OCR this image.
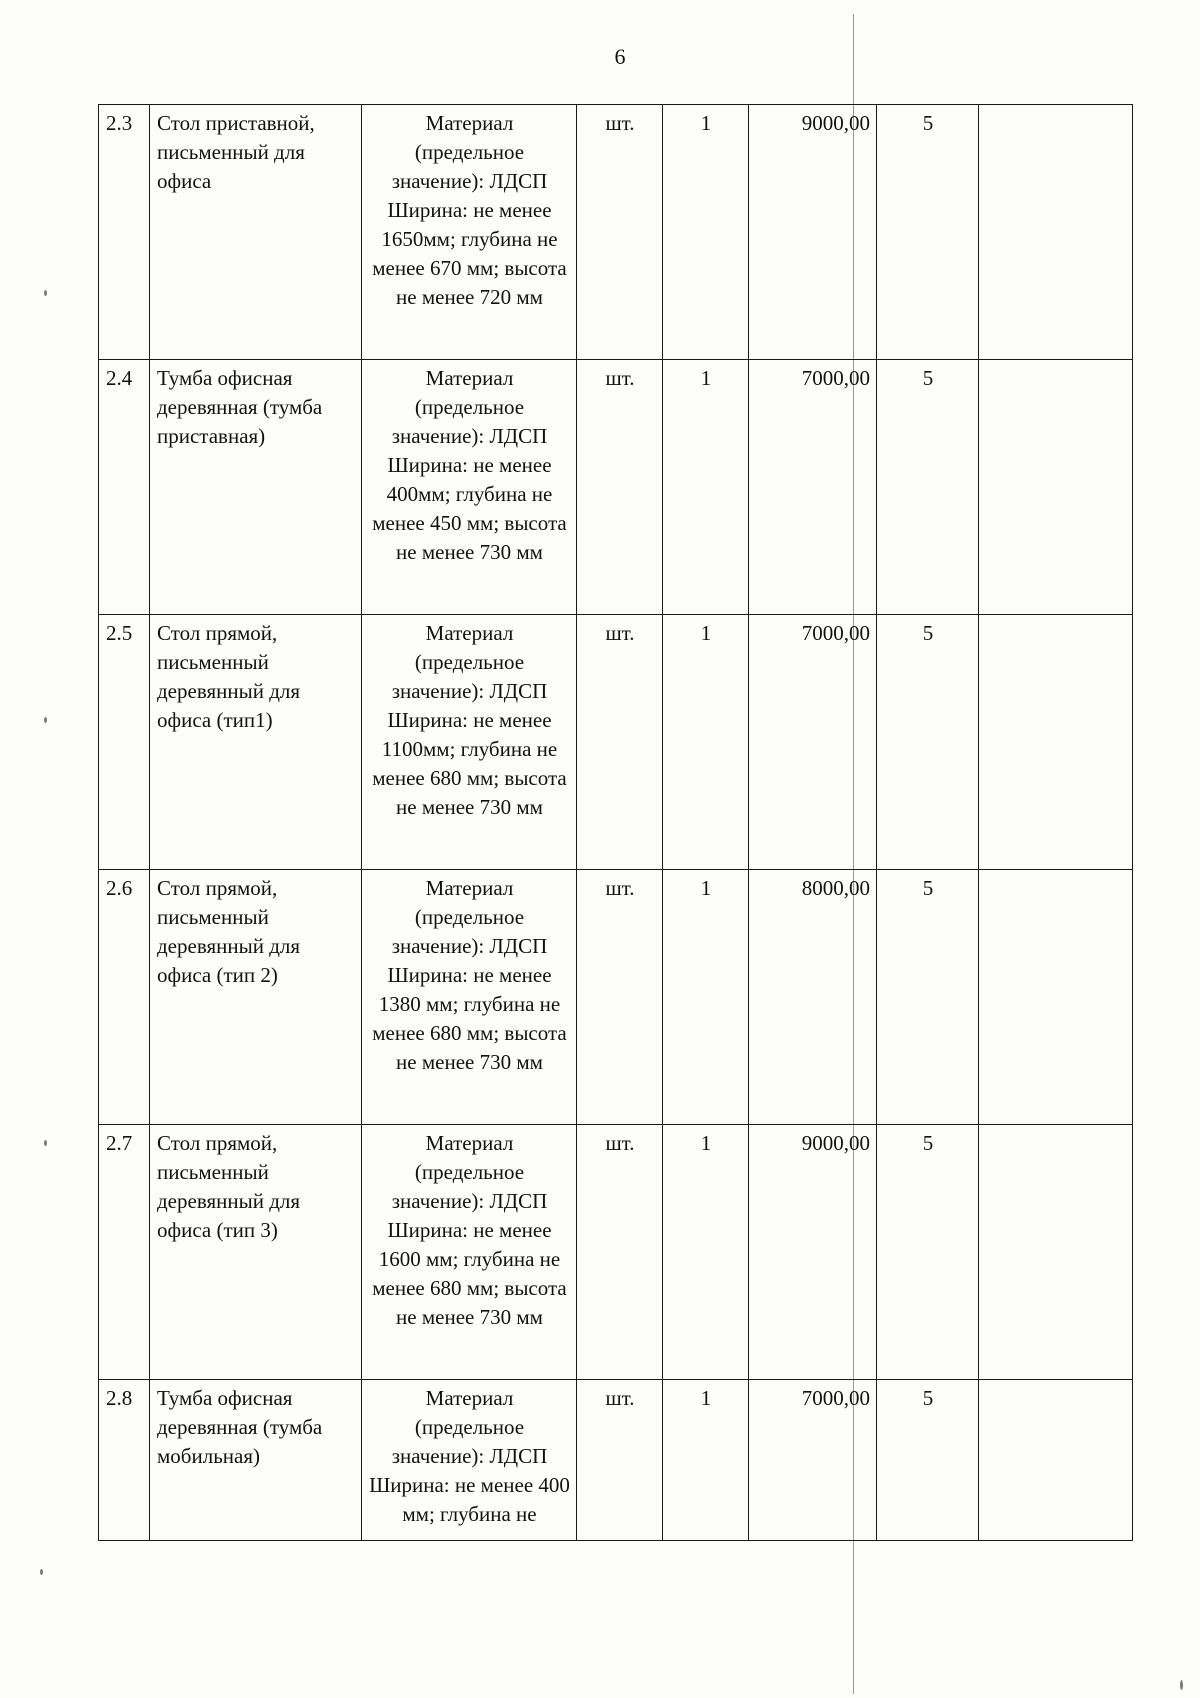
6
2.3	Стол приставной, письменный для офиса	Материал (предельное значение): ЛДСП Ширина: не менее 1650мм; глубина не менее 670 мм; высота не менее 720 мм	шт.	1	9000,00	5	
2.4	Тумба офисная деревянная (тумба приставная)	Материал (предельное значение): ЛДСП Ширина: не менее 400мм; глубина не менее 450 мм; высота не менее 730 мм	шт.	1	7000,00	5	
2.5	Стол прямой, письменный деревянный для офиса (тип1)	Материал (предельное значение): ЛДСП Ширина: не менее 1100мм; глубина не менее 680 мм; высота не менее 730 мм	шт.	1	7000,00	5	
2.6	Стол прямой, письменный деревянный для офиса (тип 2)	Материал (предельное значение): ЛДСП Ширина: не менее 1380 мм; глубина не менее 680 мм; высота не менее 730 мм	шт.	1	8000,00	5	
2.7	Стол прямой, письменный деревянный для офиса (тип 3)	Материал (предельное значение): ЛДСП Ширина: не менее 1600 мм; глубина не менее 680 мм; высота не менее 730 мм	шт.	1	9000,00	5	
2.8	Тумба офисная деревянная (тумба мобильная)	Материал (предельное значение): ЛДСП Ширина: не менее 400 мм; глубина не	шт.	1	7000,00	5	
